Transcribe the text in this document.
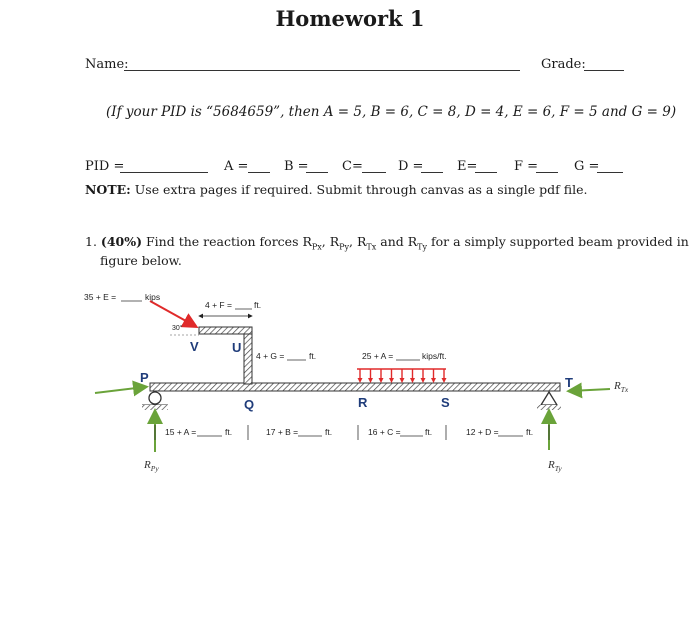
Homework 1
Name:	Grade:
(If your PID is “5684659”, then A = 5, B = 6, C = 8, D = 4, E = 6, F = 5 and G = 9)
PID =	A =	B =	C=	D =	E=	F =	G =
NOTE: Use extra pages if required. Submit through canvas as a single pdf file.
1. (40%) Find the reaction forces $R_{Px}$, $R_{Py}$, $R_{Tx}$ and $R_{Ty}$ for a simply supported beam provided in
figure below.
35 + E =	kips
30°
4 + F =	ft.
V	U
P
Q	R	S
T
4 + G =	ft.	25 + A =	kips/ft.
$R_{Py}$	$R_{Ty}$
$R_{Tx}$
15 + A =	ft.	17 + B =	ft.	16 + C =	ft.	12 + D =	ft.
